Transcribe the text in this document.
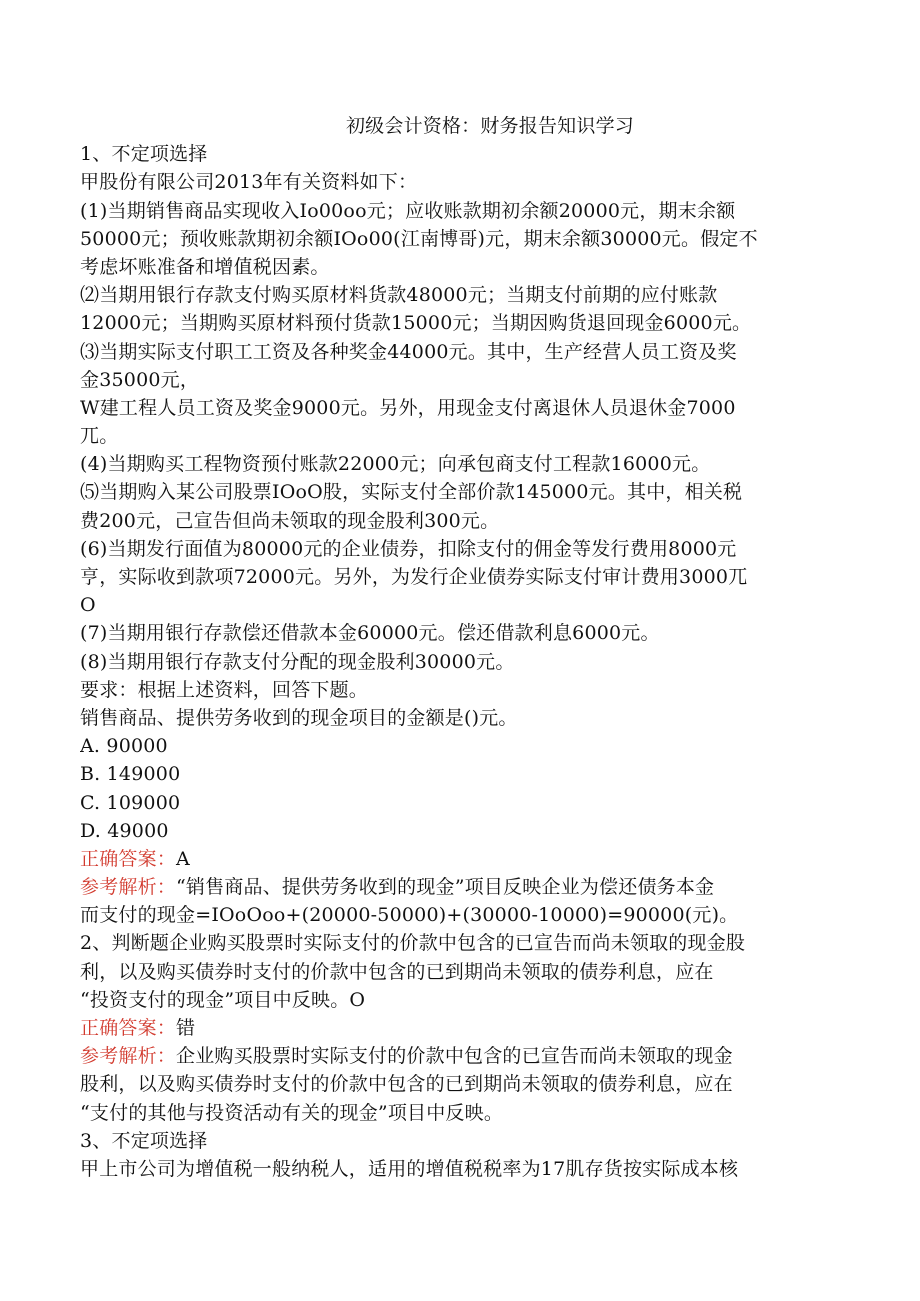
初级会计资格：财务报告知识学习
1、不定项选择
甲股份有限公司2013年有关资料如下：
(1)当期销售商品实现收入Io00oo元；应收账款期初余额20000元，期末余额
50000元；预收账款期初余额IOo00(江南博哥)元，期末余额30000元。假定不
考虑坏账准备和增值税因素。
⑵当期用银行存款支付购买原材料货款48000元；当期支付前期的应付账款
12000元；当期购买原材料预付货款15000元；当期因购货退回现金6000元。
⑶当期实际支付职工工资及各种奖金44000元。其中，生产经营人员工资及奖
金35000元，
W建工程人员工资及奖金9000元。另外，用现金支付离退休人员退休金7000
兀。
(4)当期购买工程物资预付账款22000元；向承包商支付工程款16000元。
⑸当期购入某公司股票IOoO股，实际支付全部价款145000元。其中，相关税
费200元，己宣告但尚未领取的现金股利300元。
(6)当期发行面值为80000元的企业债券，扣除支付的佣金等发行费用8000元
亨，实际收到款项72000元。另外，为发行企业债券实际支付审计费用3000兀
O
(7)当期用银行存款偿还借款本金60000元。偿还借款利息6000元。
(8)当期用银行存款支付分配的现金股利30000元。
要求：根据上述资料，回答下题。
销售商品、提供劳务收到的现金项目的金额是()元。
A. 90000
B. 149000
C. 109000
D. 49000
正确答案：A
参考解析：“销售商品、提供劳务收到的现金”项目反映企业为偿还债务本金
而支付的现金=IOoOoo+(20000-50000)+(30000-10000)=90000(元)。
2、判断题企业购买股票时实际支付的价款中包含的已宣告而尚未领取的现金股
利，以及购买债券时支付的价款中包含的已到期尚未领取的债券利息，应在
“投资支付的现金”项目中反映。O
正确答案：错
参考解析：企业购买股票时实际支付的价款中包含的已宣告而尚未领取的现金
股利，以及购买债券时支付的价款中包含的已到期尚未领取的债券利息，应在
“支付的其他与投资活动有关的现金”项目中反映。
3、不定项选择
甲上市公司为增值税一般纳税人，适用的增值税税率为17肌存货按实际成本核
